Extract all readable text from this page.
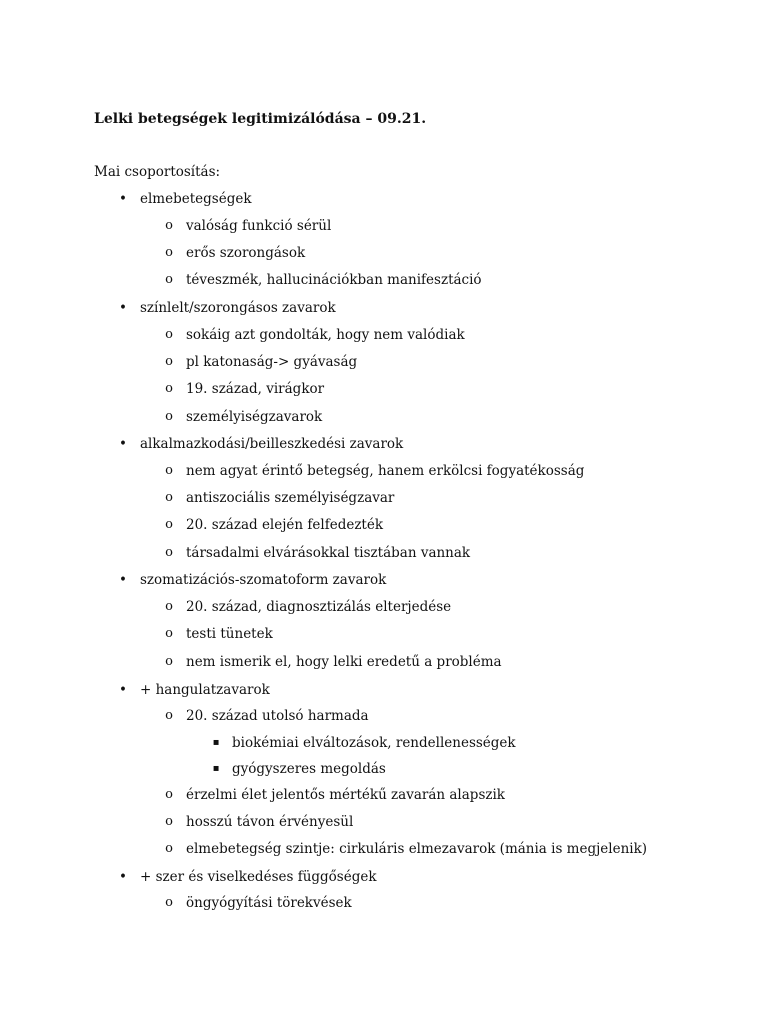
Lelki betegségek legitimizálódása – 09.21.

Mai csoportosítás:

• elmebetegségek
o valóság funkció sérül
o erős szorongások
o téveszmék, hallucinációkban manifesztáció
• színlelt/szorongásos zavarok
o sokáig azt gondolták, hogy nem valódiak
o pl katonaság-> gyávaság
o 19. század, virágkor
o személyiségzavarok
• alkalmazkodási/beilleszkedési zavarok
o nem agyat érintő betegség, hanem erkölcsi fogyatékosság
o antiszociális személyiségzavar
o 20. század elején felfedezték
o társadalmi elvárásokkal tisztában vannak
• szomatizációs-szomatoform zavarok
o 20. század, diagnosztizálás elterjedése
o testi tünetek
o nem ismerik el, hogy lelki eredetű a probléma
• + hangulatzavarok
o 20. század utolsó harmada
▪ biokémiai elváltozások, rendellenességek
▪ gyógyszeres megoldás
o érzelmi élet jelentős mértékű zavarán alapszik
o hosszú távon érvényesül
o elmebetegség szintje: cirkuláris elmezavarok (mánia is megjelenik)
• + szer és viselkedéses függőségek
o öngyógyítási törekvések
